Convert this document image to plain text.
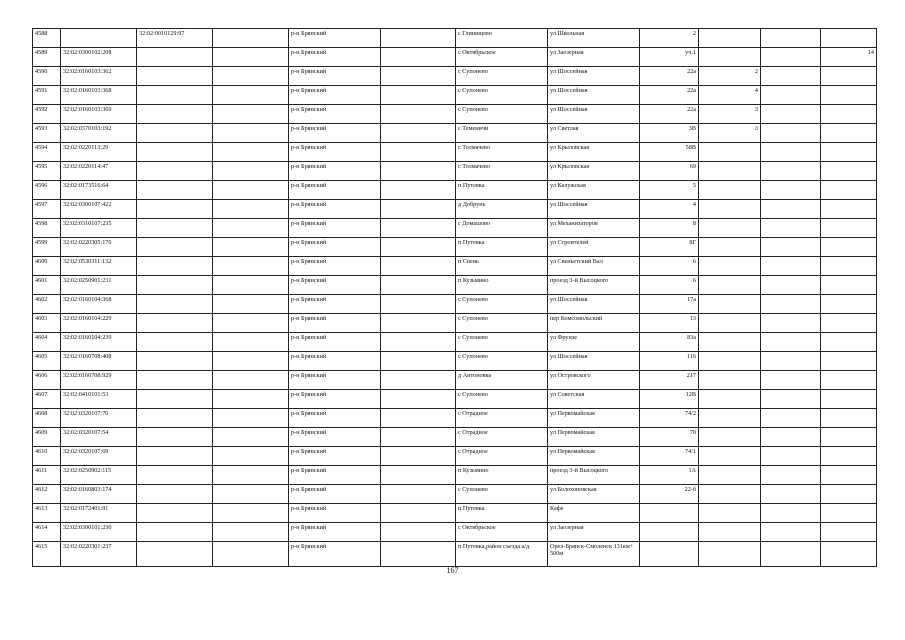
4588		32:02:0010129:97		р-н Брянский		с Глинищево	ул Школьная	2			
4589	32:02:0300102:208			р-н Брянский		с Октябрьское	ул Заозерная	уч.1			14
4590	32:02:0160103:362			р-н Брянский		с Супонево	ул Шоссейная	22а	2		
4591	32:02:0160103:368			р-н Брянский		с Супонево	ул Шоссейная	22а	4		
4592	32:02:0160103:369			р-н Брянский		с Супонево	ул Шоссейная	22а	3		
4593	32:02:0370103:192			р-н Брянский		с Теменичи	ул Светлая	3В	3		
4594	32:02:0220113:29			р-н Брянский		с Толмачево	ул Крыловская	58В			
4595	32:02:0220114:47			р-н Брянский		с Толмачево	ул Крыловская	69			
4596	32:02:0173516:64			р-н Брянский		п Путевка	ул Калужская	5			
4597	32:02:0300107:422			р-н Брянский		д Добрунь	ул Шоссейная	4			
4598	32:02:0310107:235			р-н Брянский		с Домашово	ул Механизаторов	8			
4599	32:02:0220305:176			р-н Брянский		п Путевка	ул Строителей	8Г			
4600	32:02:0530311:132			р-н Брянский		п Свень	ул Свеньетский Вал	6			
4601	32:02:0250901:231			р-н Брянский		п Кузьмино	проезд 3-й Высоцкого	6			
4602	32:02:0160104:368			р-н Брянский		с Супонево	ул Шоссейная	17а			
4603	32:02:0160104:229			р-н Брянский		с Супонево	пер Комсомольский	13			
4604	32:02:0160104:239			р-н Брянский		с Супонево	ул Фрунзе	83а			
4605	32:02:0160708:408			р-н Брянский		с Супонево	ул Шоссейная	116			
4606	32:02:0160708:929			р-н Брянский		д Антоновка	ул Островского	217			
4607	32:02:0410101:53			р-н Брянский		с Супонево	ул Советская	12В			
4608	32:02:0320107:70			р-н Брянский		с Отрадное	ул Первомайская	74/2			
4609	32:02:0320107:54			р-н Брянский		с Отрадное	ул Первомайская	70			
4610	32:02:0320107:69			р-н Брянский		с Отрадное	ул Первомайская	74/1			
4611	32:02:0250902:115			р-н Брянский		п Кузьмино	проезд 3-й Высоцкого	1А			
4612	32:02:0160803:174			р-н Брянский		с Супонево	ул Болохоновская	22-б			
4613	32:02:0172401:91			р-н Брянский		п Путевка	Кафе				
4614	32:02:0300101:230			р-н Брянский		с Октябрьское	ул Заозерная				
4615	32:02:0220301:237			р-н Брянский		п Путевка,район съезда а/д	Орел-Брянск-Смоленск 131км+ 500м				
167
